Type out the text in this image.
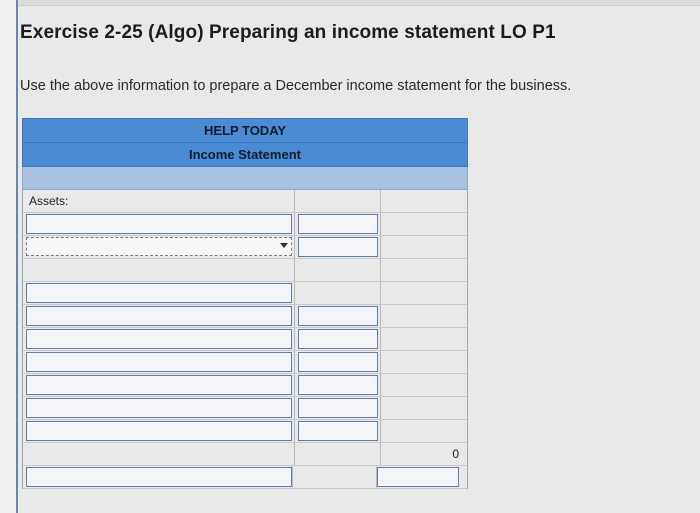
Exercise 2-25 (Algo) Preparing an income statement LO P1
Use the above information to prepare a December income statement for the business.
HELP TODAY
Income Statement
Assets:
0
